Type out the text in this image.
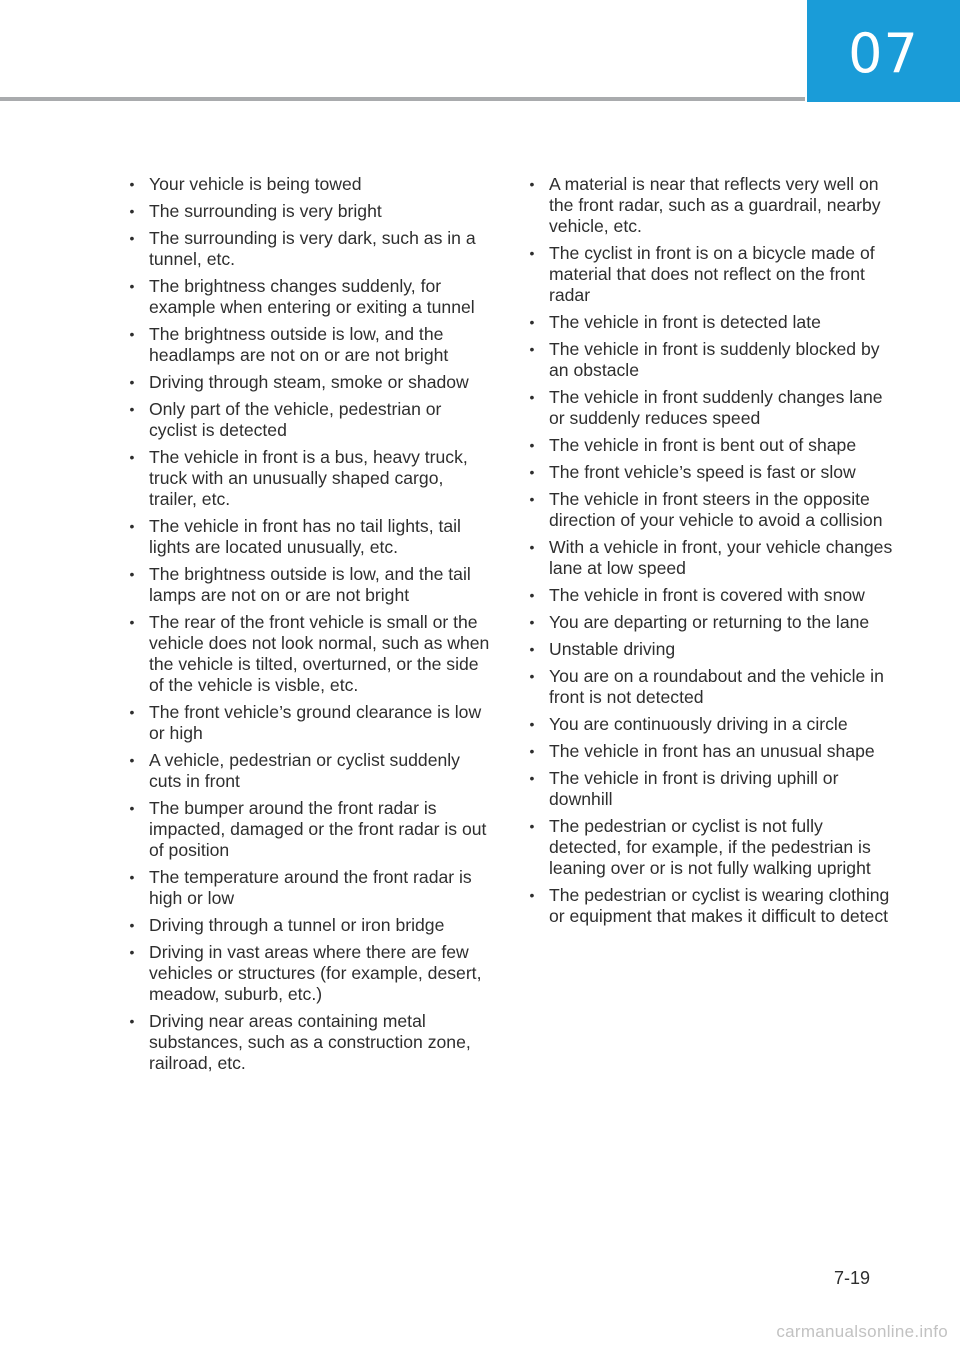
07
• Your vehicle is being towed
• The surrounding is very bright
• The surrounding is very dark, such as in a tunnel, etc.
• The brightness changes suddenly, for example when entering or exiting a tunnel
• The brightness outside is low, and the headlamps are not on or are not bright
• Driving through steam, smoke or shadow
• Only part of the vehicle, pedestrian or cyclist is detected
• The vehicle in front is a bus, heavy truck, truck with an unusually shaped cargo, trailer, etc.
• The vehicle in front has no tail lights, tail lights are located unusually, etc.
• The brightness outside is low, and the tail lamps are not on or are not bright
• The rear of the front vehicle is small or the vehicle does not look normal, such as when the vehicle is tilted, overturned, or the side of the vehicle is visble, etc.
• The front vehicle’s ground clearance is low or high
• A vehicle, pedestrian or cyclist suddenly cuts in front
• The bumper around the front radar is impacted, damaged or the front radar is out of position
• The temperature around the front radar is high or low
• Driving through a tunnel or iron bridge
• Driving in vast areas where there are few vehicles or structures (for example, desert, meadow, suburb, etc.)
• Driving near areas containing metal substances, such as a construction zone, railroad, etc.
• A material is near that reflects very well on the front radar, such as a guardrail, nearby vehicle, etc.
• The cyclist in front is on a bicycle made of material that does not reflect on the front radar
• The vehicle in front is detected late
• The vehicle in front is suddenly blocked by an obstacle
• The vehicle in front suddenly changes lane or suddenly reduces speed
• The vehicle in front is bent out of shape
• The front vehicle’s speed is fast or slow
• The vehicle in front steers in the opposite direction of your vehicle to avoid a collision
• With a vehicle in front, your vehicle changes lane at low speed
• The vehicle in front is covered with snow
• You are departing or returning to the lane
• Unstable driving
• You are on a roundabout and the vehicle in front is not detected
• You are continuously driving in a circle
• The vehicle in front has an unusual shape
• The vehicle in front is driving uphill or downhill
• The pedestrian or cyclist is not fully detected, for example, if the pedestrian is leaning over or is not fully walking upright
• The pedestrian or cyclist is wearing clothing or equipment that makes it difficult to detect
7-19
carmanualsonline.info
